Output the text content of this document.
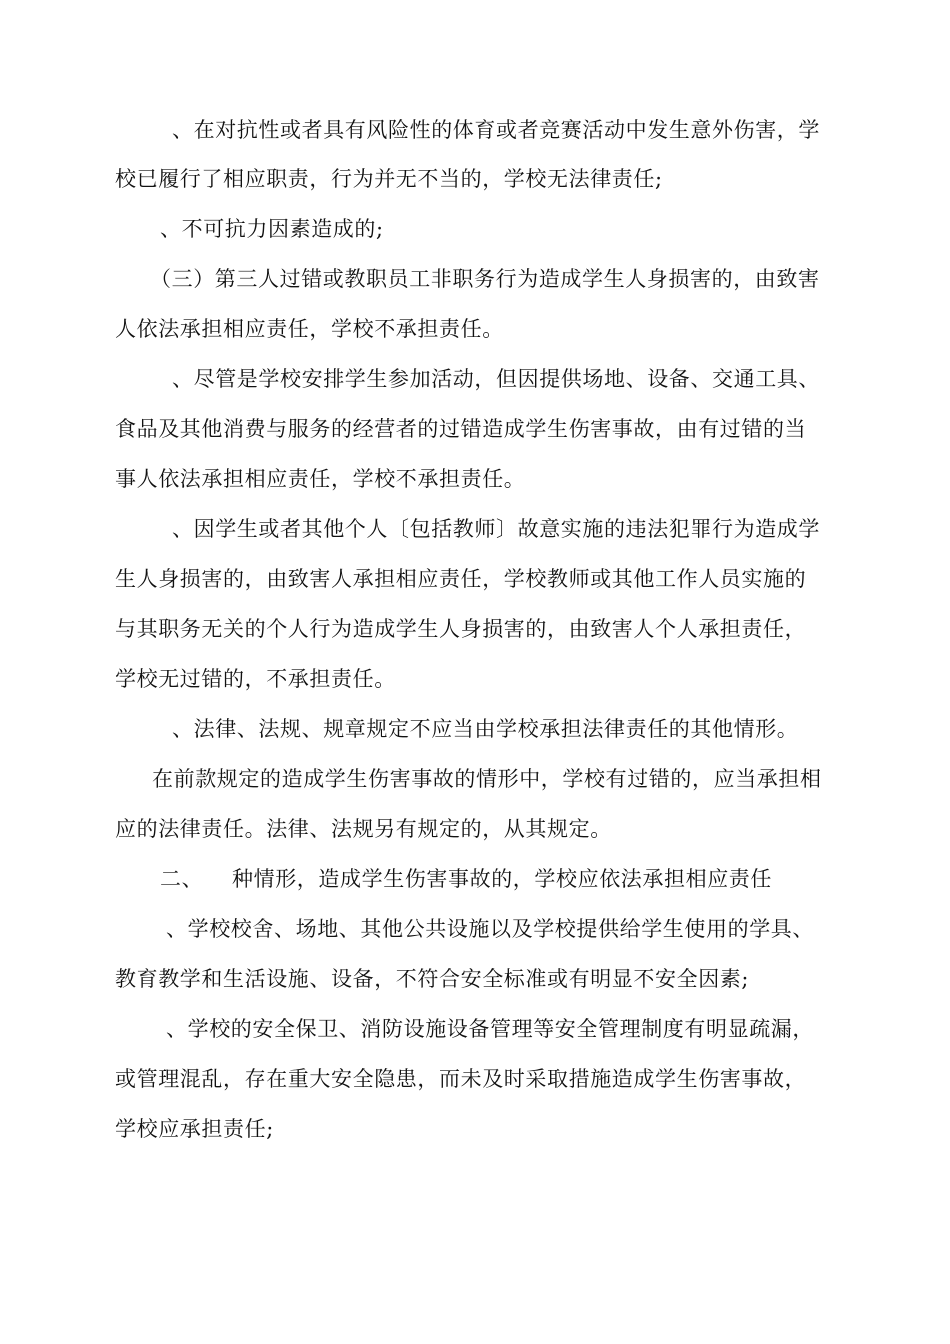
、在对抗性或者具有风险性的体育或者竞赛活动中发生意外伤害，学
校已履行了相应职责，行为并无不当的，学校无法律责任;
、不可抗力因素造成的;
（三）第三人过错或教职员工非职务行为造成学生人身损害的，由致害
人依法承担相应责任，学校不承担责任。
、尽管是学校安排学生参加活动，但因提供场地、设备、交通工具、
食品及其他消费与服务的经营者的过错造成学生伤害事故，由有过错的当
事人依法承担相应责任，学校不承担责任。
、因学生或者其他个人〔包括教师〕故意实施的违法犯罪行为造成学
生人身损害的，由致害人承担相应责任，学校教师或其他工作人员实施的
与其职务无关的个人行为造成学生人身损害的，由致害人个人承担责任，
学校无过错的，不承担责任。
、法律、法规、规章规定不应当由学校承担法律责任的其他情形。
在前款规定的造成学生伤害事故的情形中，学校有过错的，应当承担相
应的法律责任。法律、法规另有规定的，从其规定。
二、 种情形，造成学生伤害事故的，学校应依法承担相应责任
、学校校舍、场地、其他公共设施以及学校提供给学生使用的学具、
教育教学和生活设施、设备，不符合安全标准或有明显不安全因素;
、学校的安全保卫、消防设施设备管理等安全管理制度有明显疏漏，
或管理混乱，存在重大安全隐患，而未及时采取措施造成学生伤害事故，
学校应承担责任;
